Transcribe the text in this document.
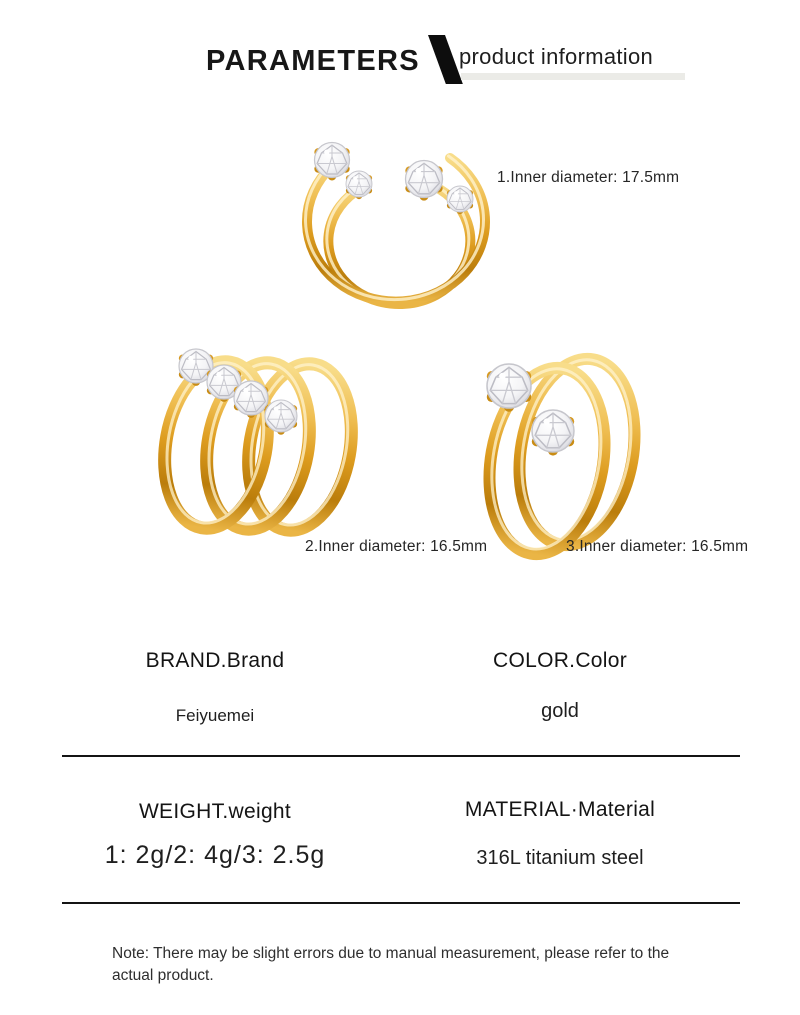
PARAMETERS product information
1.Inner diameter: 17.5mm
2.Inner diameter: 16.5mm	3.Inner diameter: 16.5mm
BRAND.Brand	COLOR.Color
Feiyuemei	gold
WEIGHT.weight	MATERIAL·Material
1: 2g/2: 4g/3: 2.5g	316L titanium steel
Note: There may be slight errors due to manual measurement, please refer to the actual product.
